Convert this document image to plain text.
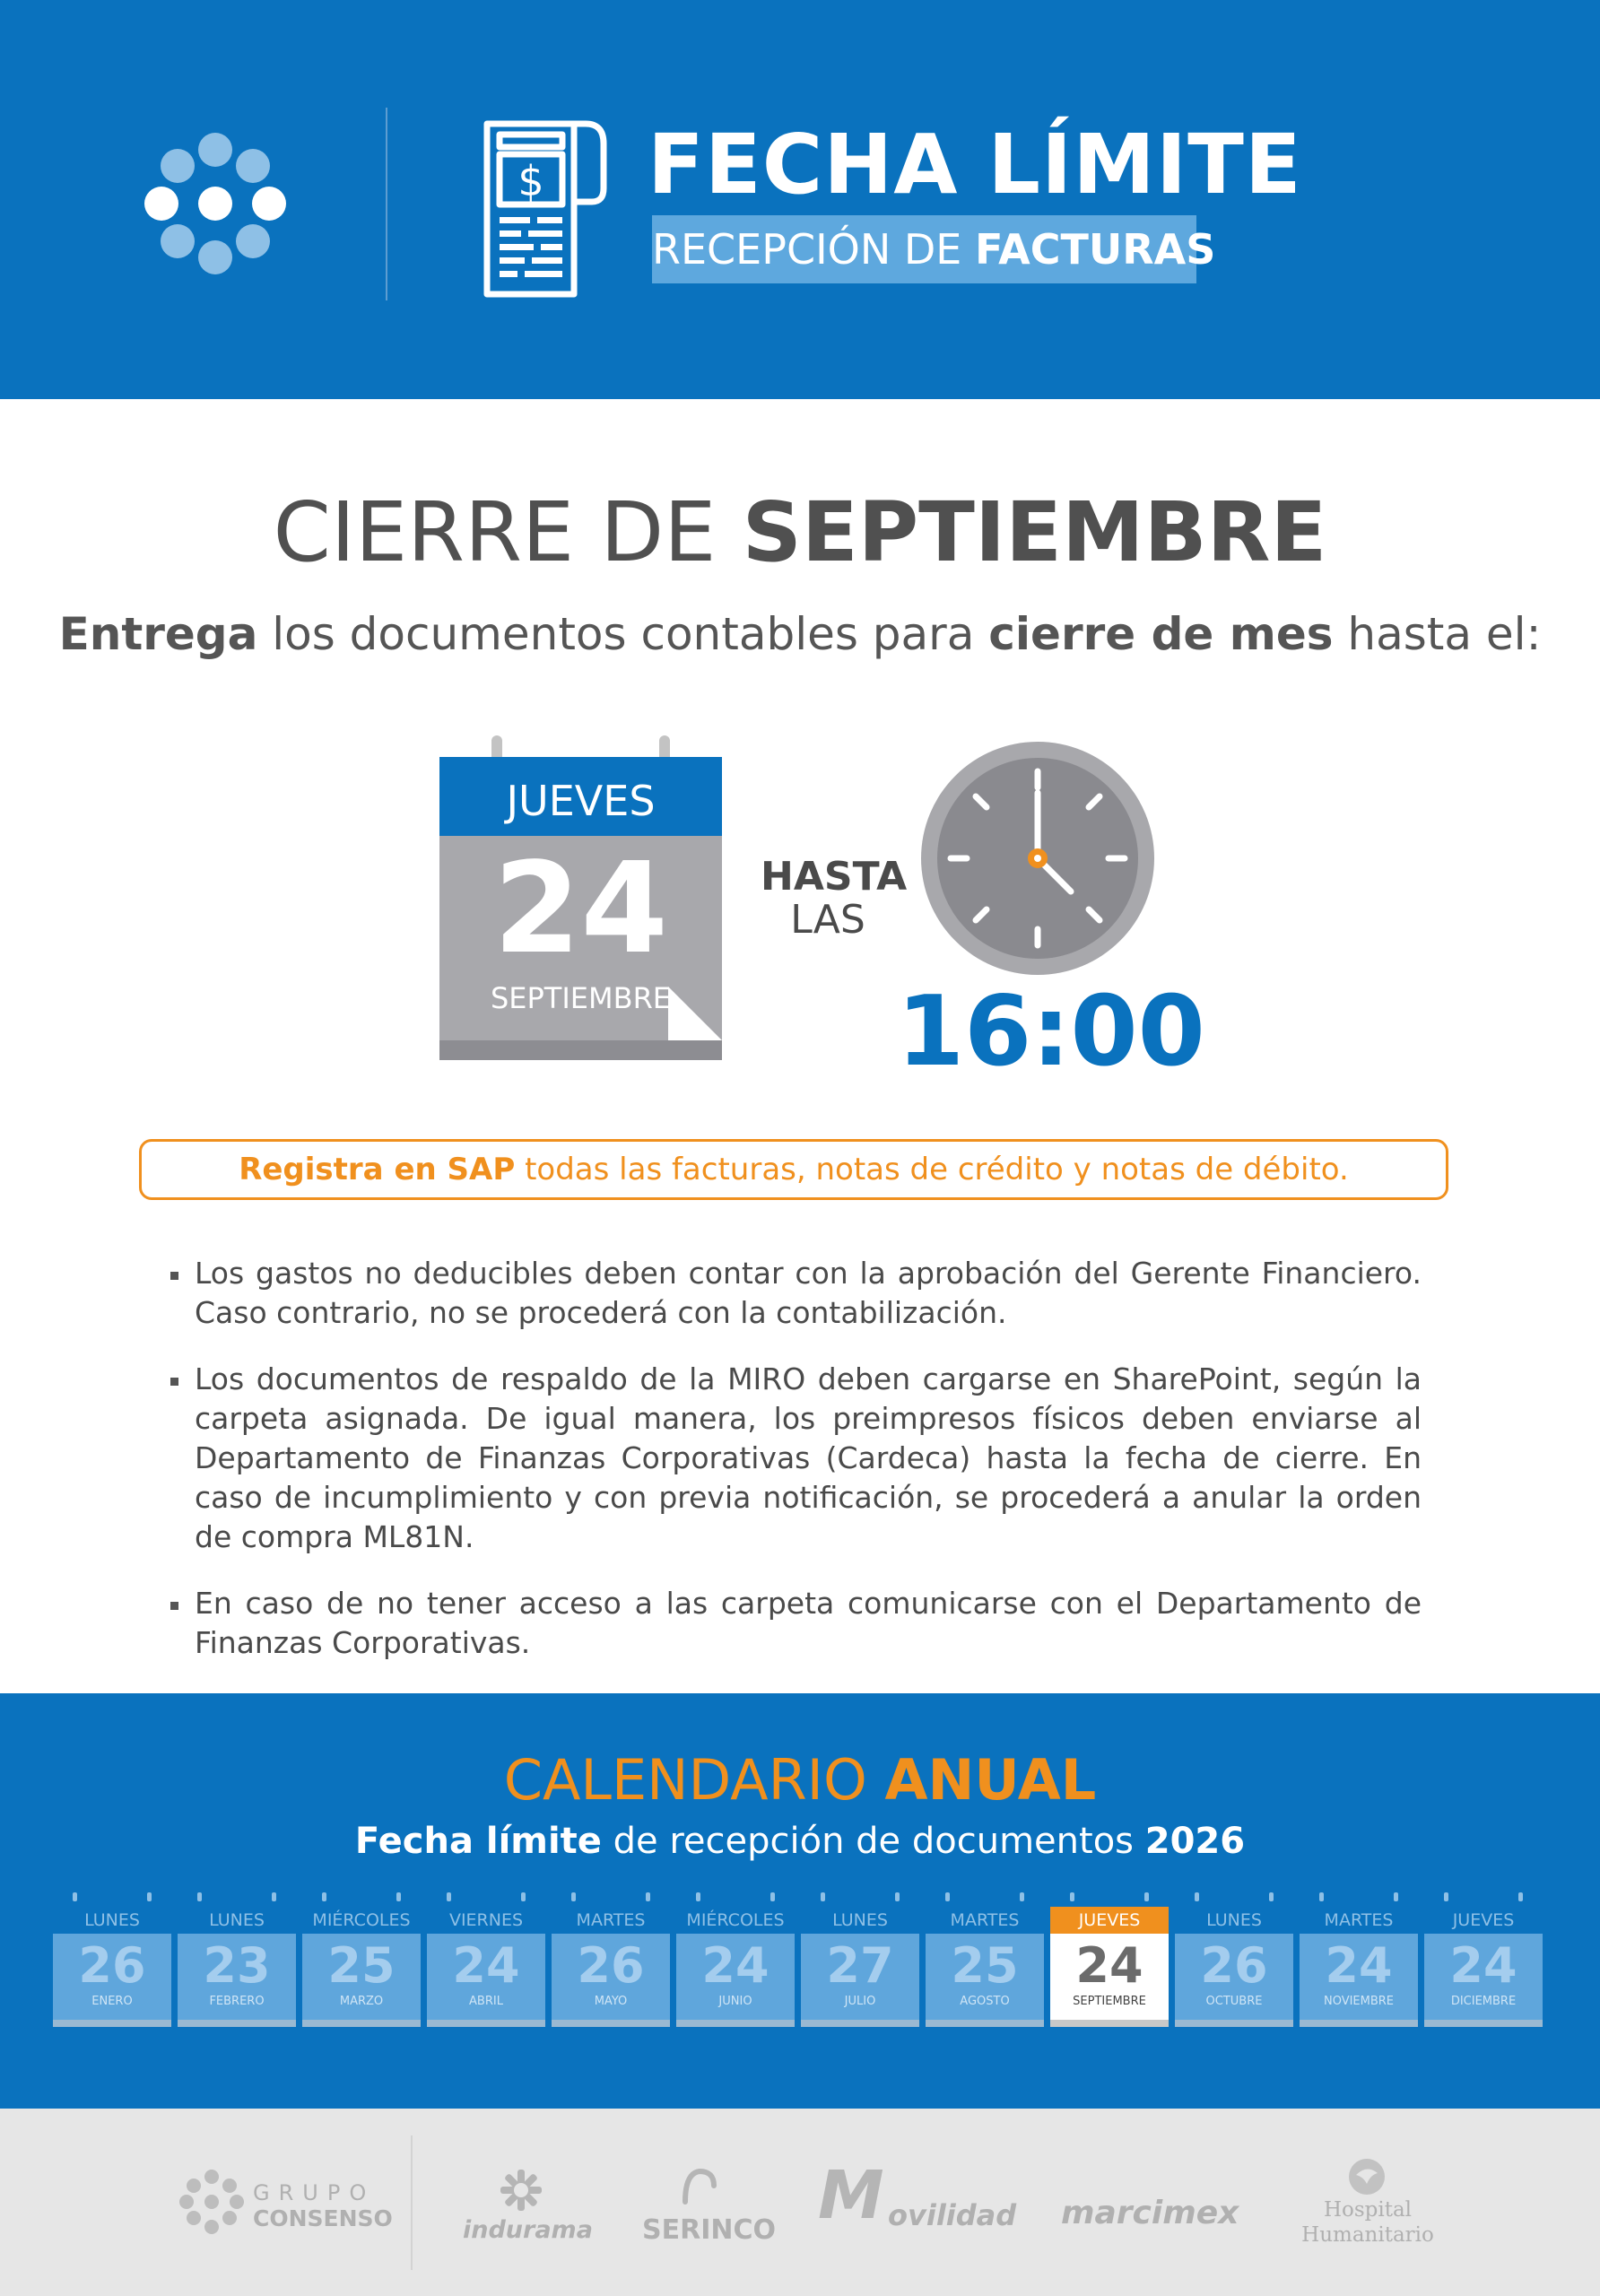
$ FECHA LÍMITE
RECEPCIÓN DE FACTURAS
CIERRE DE SEPTIEMBRE
Entrega los documentos contables para cierre de mes hasta el:
JUEVES
24
SEPTIEMBRE
HASTA
LAS
16:00
Registra en SAP todas las facturas, notas de crédito y notas de débito.
Los gastos no deducibles deben contar con la aprobación del Gerente Financiero. Caso contrario, no se procederá con la contabilización.
Los documentos de respaldo de la MIRO deben cargarse en SharePoint, según la carpeta asignada. De igual manera, los preimpresos físicos deben enviarse al Departamento de Finanzas Corporativas (Cardeca) hasta la fecha de cierre. En caso de incumplimiento y con previa notificación, se procederá a anular la orden de compra ML81N.
En caso de no tener acceso a las carpeta comunicarse con el Departamento de Finanzas Corporativas.
CALENDARIO ANUAL
Fecha límite de recepción de documentos 2026
LUNES
26
ENERO
LUNES
23
FEBRERO
MIÉRCOLES
25
MARZO
VIERNES
24
ABRIL
MARTES
26
MAYO
MIÉRCOLES
24
JUNIO
LUNES
27
JULIO
MARTES
25
AGOSTO
JUEVES
24
SEPTIEMBRE
LUNES
26
OCTUBRE
MARTES
24
NOVIEMBRE
JUEVES
24
DICIEMBRE
GRUPO
CONSENSO	indurama SERINCO M ovilidad marcimex	Hospital
Humanitario
